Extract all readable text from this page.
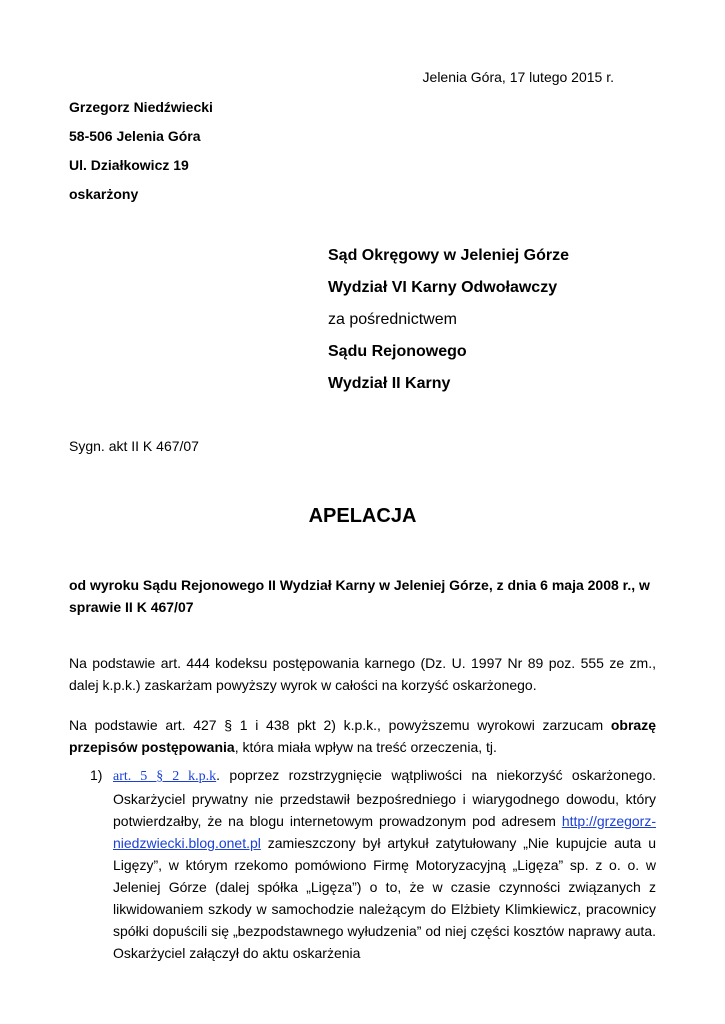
Jelenia Góra, 17 lutego 2015 r.
Grzegorz Niedźwiecki
58-506 Jelenia Góra
Ul. Działkowicz 19
oskarżony
Sąd Okręgowy w Jeleniej Górze
Wydział VI Karny Odwoławczy
za pośrednictwem
Sądu Rejonowego
Wydział II Karny
Sygn. akt II K 467/07
APELACJA
od wyroku Sądu Rejonowego II Wydział Karny w Jeleniej Górze, z dnia 6 maja 2008 r., w sprawie II K 467/07
Na podstawie art. 444 kodeksu postępowania karnego (Dz. U. 1997 Nr 89 poz. 555 ze zm., dalej k.p.k.) zaskarżam powyższy wyrok w całości na korzyść oskarżonego.
Na podstawie art. 427 § 1 i 438 pkt 2) k.p.k., powyższemu wyrokowi zarzucam obrazę przepisów postępowania, która miała wpływ na treść orzeczenia, tj.
1) art. 5 § 2 k.p.k. poprzez rozstrzygnięcie wątpliwości na niekorzyść oskarżonego. Oskarżyciel prywatny nie przedstawił bezpośredniego i wiarygodnego dowodu, który potwierdzałby, że na blogu internetowym prowadzonym pod adresem http://grzegorz-niedzwiecki.blog.onet.pl zamieszczony był artykuł zatytułowany „Nie kupujcie auta u Ligęzy”, w którym rzekomo pomówiono Firmę Motoryzacyjną „Ligęza” sp. z o. o. w Jeleniej Górze (dalej spółka „Ligęza”) o to, że w czasie czynności związanych z likwidowaniem szkody w samochodzie należącym do Elżbiety Klimkiewicz, pracownicy spółki dopuścili się „bezpodstawnego wyłudzenia” od niej części kosztów naprawy auta. Oskarżyciel załączył do aktu oskarżenia
